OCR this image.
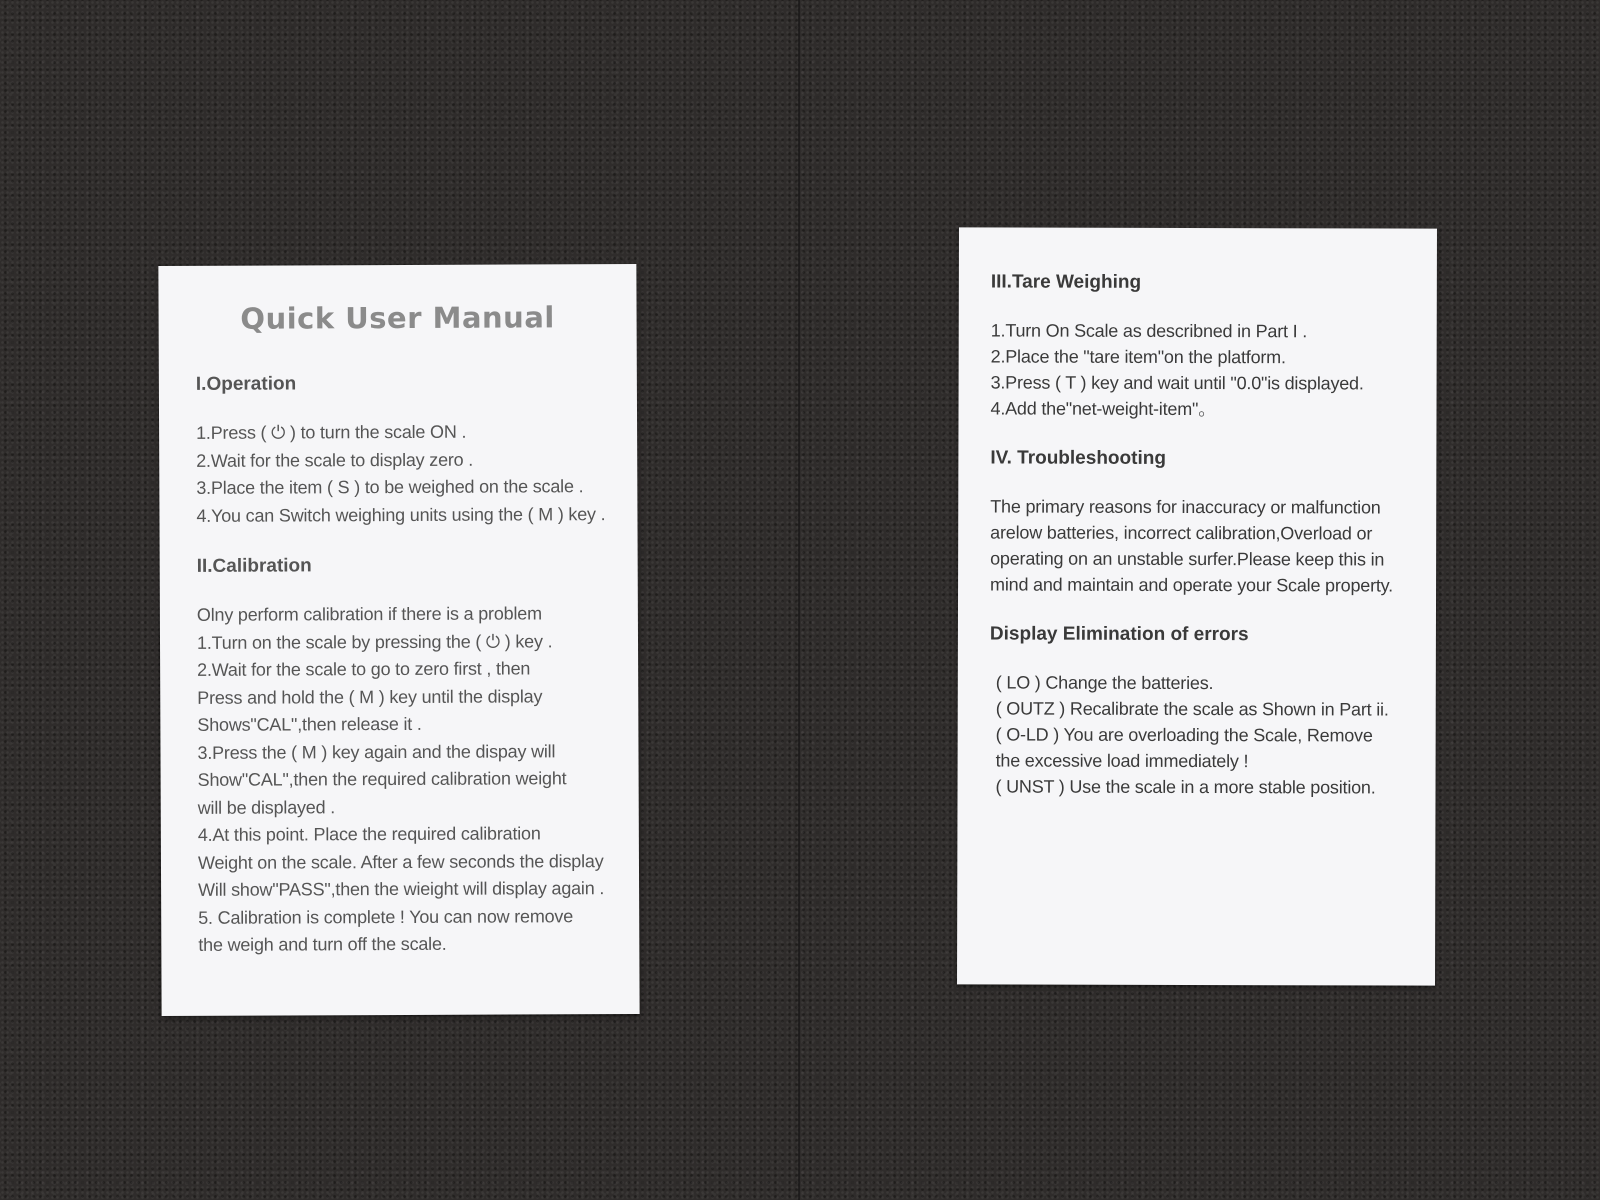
Quick User Manual
I.Operation
1.Press ( ⏻ ) to turn the scale ON .
2.Wait for the scale to display zero .
3.Place the item ( S ) to be weighed on the scale .
4.You can Switch weighing units using the ( M ) key .
II.Calibration
Olny perform calibration if there is a problem
1.Turn on the scale by pressing the ( ⏻ ) key .
2.Wait for the scale to go to zero first , then
Press and hold the ( M ) key until the display
Shows"CAL",then release it .
3.Press the ( M ) key again and the dispay will
Show"CAL",then the required calibration weight
will be displayed .
4.At this point. Place the required calibration
Weight on the scale. After a few seconds the display
Will show"PASS",then the wieight will display again .
5. Calibration is complete ! You can now remove
the weigh and turn off the scale.
III.Tare Weighing
1.Turn On Scale as describned in Part I .
2.Place the "tare item"on the platform.
3.Press ( T ) key and wait until "0.0"is displayed.
4.Add the"net-weight-item"。
IV. Troubleshooting
The primary reasons for inaccuracy or malfunction
arelow batteries, incorrect calibration,Overload or
operating on an unstable surfer.Please keep this in
mind and maintain and operate your Scale property.
Display Elimination of errors
( LO ) Change the batteries.
( OUTZ ) Recalibrate the scale as Shown in Part ii.
( O-LD ) You are overloading the Scale, Remove
the excessive load immediately !
( UNST ) Use the scale in a more stable position.
